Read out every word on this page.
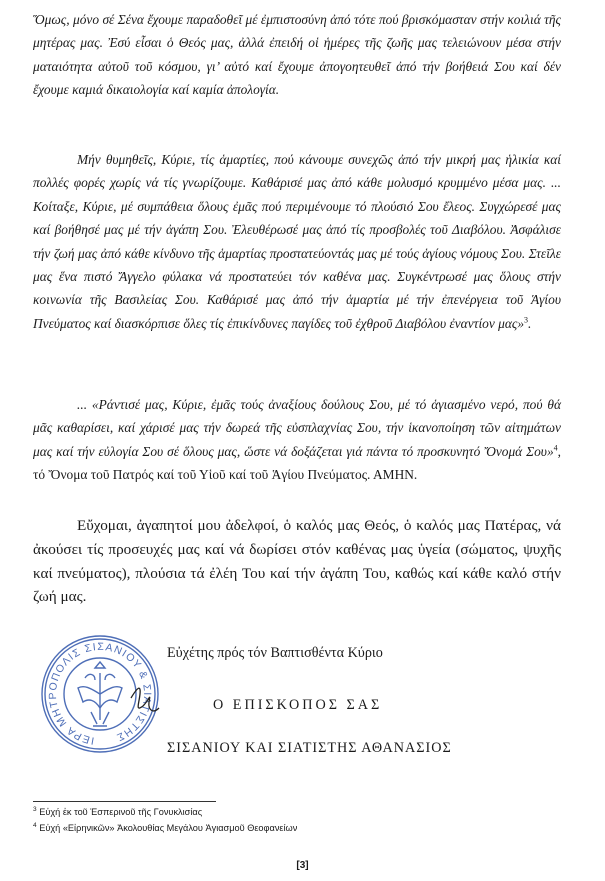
Ὅμως, μόνο σέ Σένα ἔχουμε παραδοθεῖ μέ ἐμπιστοσύνη ἀπό τότε πού βρισκόμασταν στήν κοιλιά τῆς μητέρας μας. Ἐσύ εἶσαι ὁ Θεός μας, ἀλλά ἐπειδή οἱ ἡμέρες τῆς ζωῆς μας τελειώνουν μέσα στήν ματαιότητα αὐτοῦ τοῦ κόσμου, γι’ αὐτό καί ἔχουμε ἀπογοητευθεῖ ἀπό τήν βοήθειά Σου καί δέν ἔχουμε καμιά δικαιολογία καί καμία ἀπολογία.

Μήν θυμηθεῖς, Κύριε, τίς ἁμαρτίες, πού κάνουμε συνεχῶς ἀπό τήν μικρή μας ἡλικία καί πολλές φορές χωρίς νά τίς γνωρίζουμε. Καθάρισέ μας ἀπό κάθε μολυσμό κρυμμένο μέσα μας. ... Κοίταξε, Κύριε, μέ συμπάθεια ὅλους ἐμᾶς πού περιμένουμε τό πλούσιό Σου ἔλεος. Συγχώρεσέ μας καί βοήθησέ μας μέ τήν ἀγάπη Σου. Ἐλευθέρωσέ μας ἀπό τίς προσβολές τοῦ Διαβόλου. Ἀσφάλισε τήν ζωή μας ἀπό κάθε κίνδυνο τῆς ἁμαρτίας προστατεύοντάς μας μέ τούς ἁγίους νόμους Σου. Στεῖλε μας ἕνα πιστό Ἄγγελο φύλακα νά προστατεύει τόν καθένα μας. Συγκέντρωσέ μας ὅλους στήν κοινωνία τῆς Βασιλείας Σου. Καθάρισέ μας ἀπό τήν ἁμαρτία μέ τήν ἐπενέργεια τοῦ Ἁγίου Πνεύματος καί διασκόρπισε ὅλες τίς ἐπικίνδυνες παγίδες τοῦ ἐχθροῦ Διαβόλου ἐναντίον μας»$^3$.

... «Ράντισέ μας, Κύριε, ἐμᾶς τούς ἀναξίους δούλους Σου, μέ τό ἁγιασμένο νερό, πού θά μᾶς καθαρίσει, καί χάρισέ μας τήν δωρεά τῆς εὐσπλαχνίας Σου, τήν ἱκανοποίηση τῶν αἰτημάτων μας καί τήν εὐλογία Σου σέ ὅλους μας, ὥστε νά δοξάζεται γιά πάντα τό προσκυνητό Ὄνομά Σου»$^4$, τό Ὄνομα τοῦ Πατρός καί τοῦ Υἱοῦ καί τοῦ Ἁγίου Πνεύματος. ΑΜΗΝ.

Εὔχομαι, ἀγαπητοί μου ἀδελφοί, ὁ καλός μας Θεός, ὁ καλός μας Πατέρας, νά ἀκούσει τίς προσευχές μας καί νά δωρίσει στόν καθένας μας ὑγεία (σώματος, ψυχῆς καί πνεύματος), πλούσια τά ἐλέη Του καί τήν ἀγάπη Του, καθώς καί κάθε καλό στήν ζωή μας.

ΙΕΡΑ ΜΗΤΡΟΠΟΛΙΣ ΣΙΣΑΝΙΟΥ & ΣΙΑΤΙΣΤΗΣ
Εὐχέτης πρός τόν Βαπτισθέντα Κύριο
Ο ΕΠΙΣΚΟΠΟΣ ΣΑΣ
ΣΙΣΑΝΙΟΥ ΚΑΙ ΣΙΑΤΙΣΤΗΣ ΑΘΑΝΑΣΙΟΣ
$^3$ Εὐχή ἐκ τοῦ Ἑσπερινοῦ τῆς Γονυκλισίας
$^4$ Εὐχή «Εἰρηνικῶν» Ἀκολουθίας Μεγάλου Ἁγιασμοῦ Θεοφανείων
[3]
